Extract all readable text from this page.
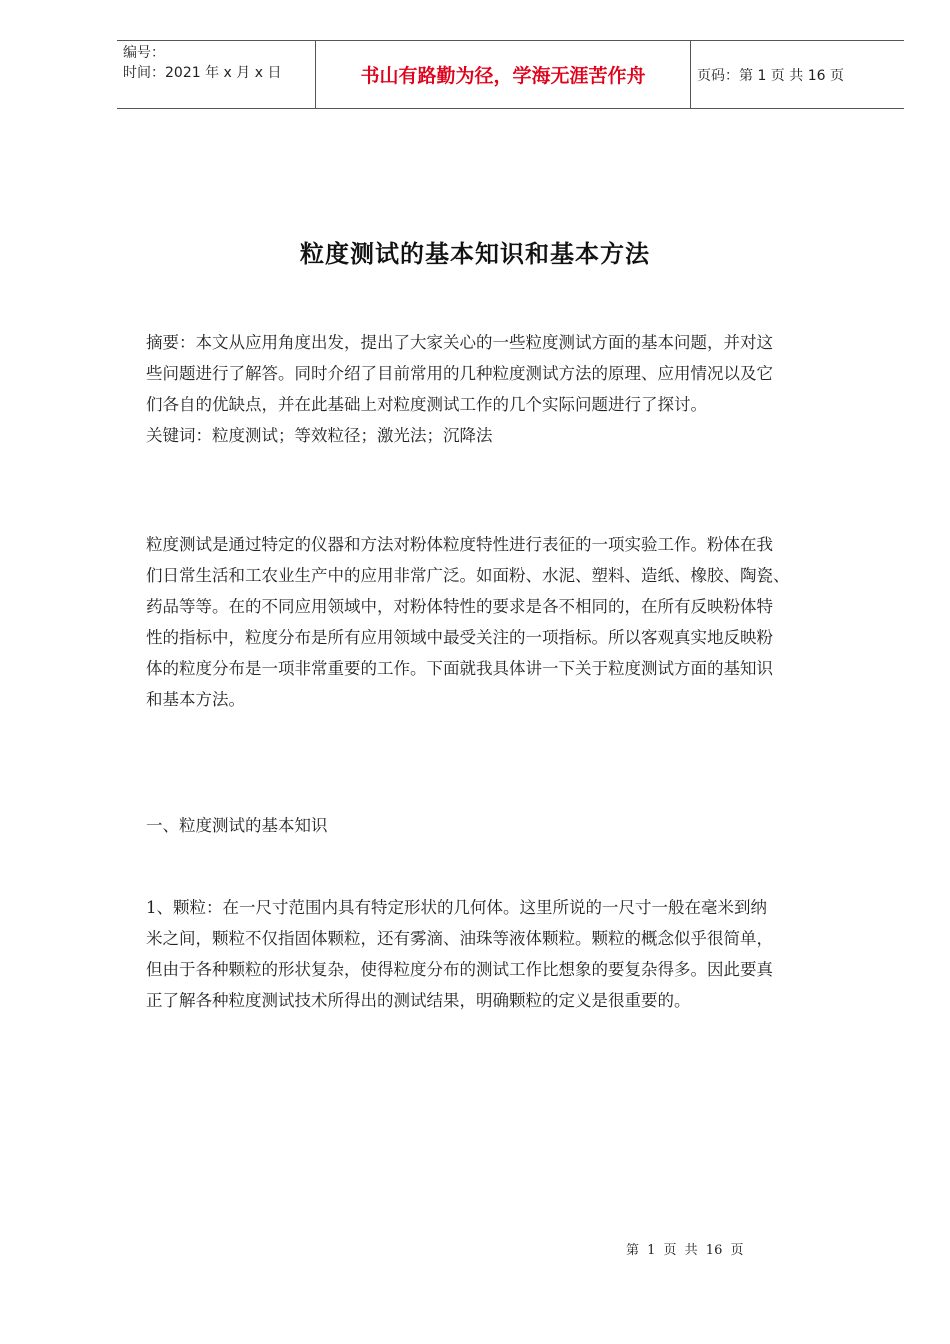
编号：
时间：2021 年 x 月 x 日	书山有路勤为径，学海无涯苦作舟	页码：第 1 页 共 16 页
粒度测试的基本知识和基本方法
摘要：本文从应用角度出发，提出了大家关心的一些粒度测试方面的基本问题，并对这
些问题进行了解答。同时介绍了目前常用的几种粒度测试方法的原理、应用情况以及它
们各自的优缺点，并在此基础上对粒度测试工作的几个实际问题进行了探讨。
关键词：粒度测试；等效粒径；激光法；沉降法
粒度测试是通过特定的仪器和方法对粉体粒度特性进行表征的一项实验工作。粉体在我
们日常生活和工农业生产中的应用非常广泛。如面粉、水泥、塑料、造纸、橡胶、陶瓷、
药品等等。在的不同应用领域中，对粉体特性的要求是各不相同的，在所有反映粉体特
性的指标中，粒度分布是所有应用领域中最受关注的一项指标。所以客观真实地反映粉
体的粒度分布是一项非常重要的工作。下面就我具体讲一下关于粒度测试方面的基知识
和基本方法。
一、粒度测试的基本知识
1、颗粒：在一尺寸范围内具有特定形状的几何体。这里所说的一尺寸一般在毫米到纳
米之间，颗粒不仅指固体颗粒，还有雾滴、油珠等液体颗粒。颗粒的概念似乎很简单，
但由于各种颗粒的形状复杂，使得粒度分布的测试工作比想象的要复杂得多。因此要真
正了解各种粒度测试技术所得出的测试结果，明确颗粒的定义是很重要的。
第 1 页 共 16 页
